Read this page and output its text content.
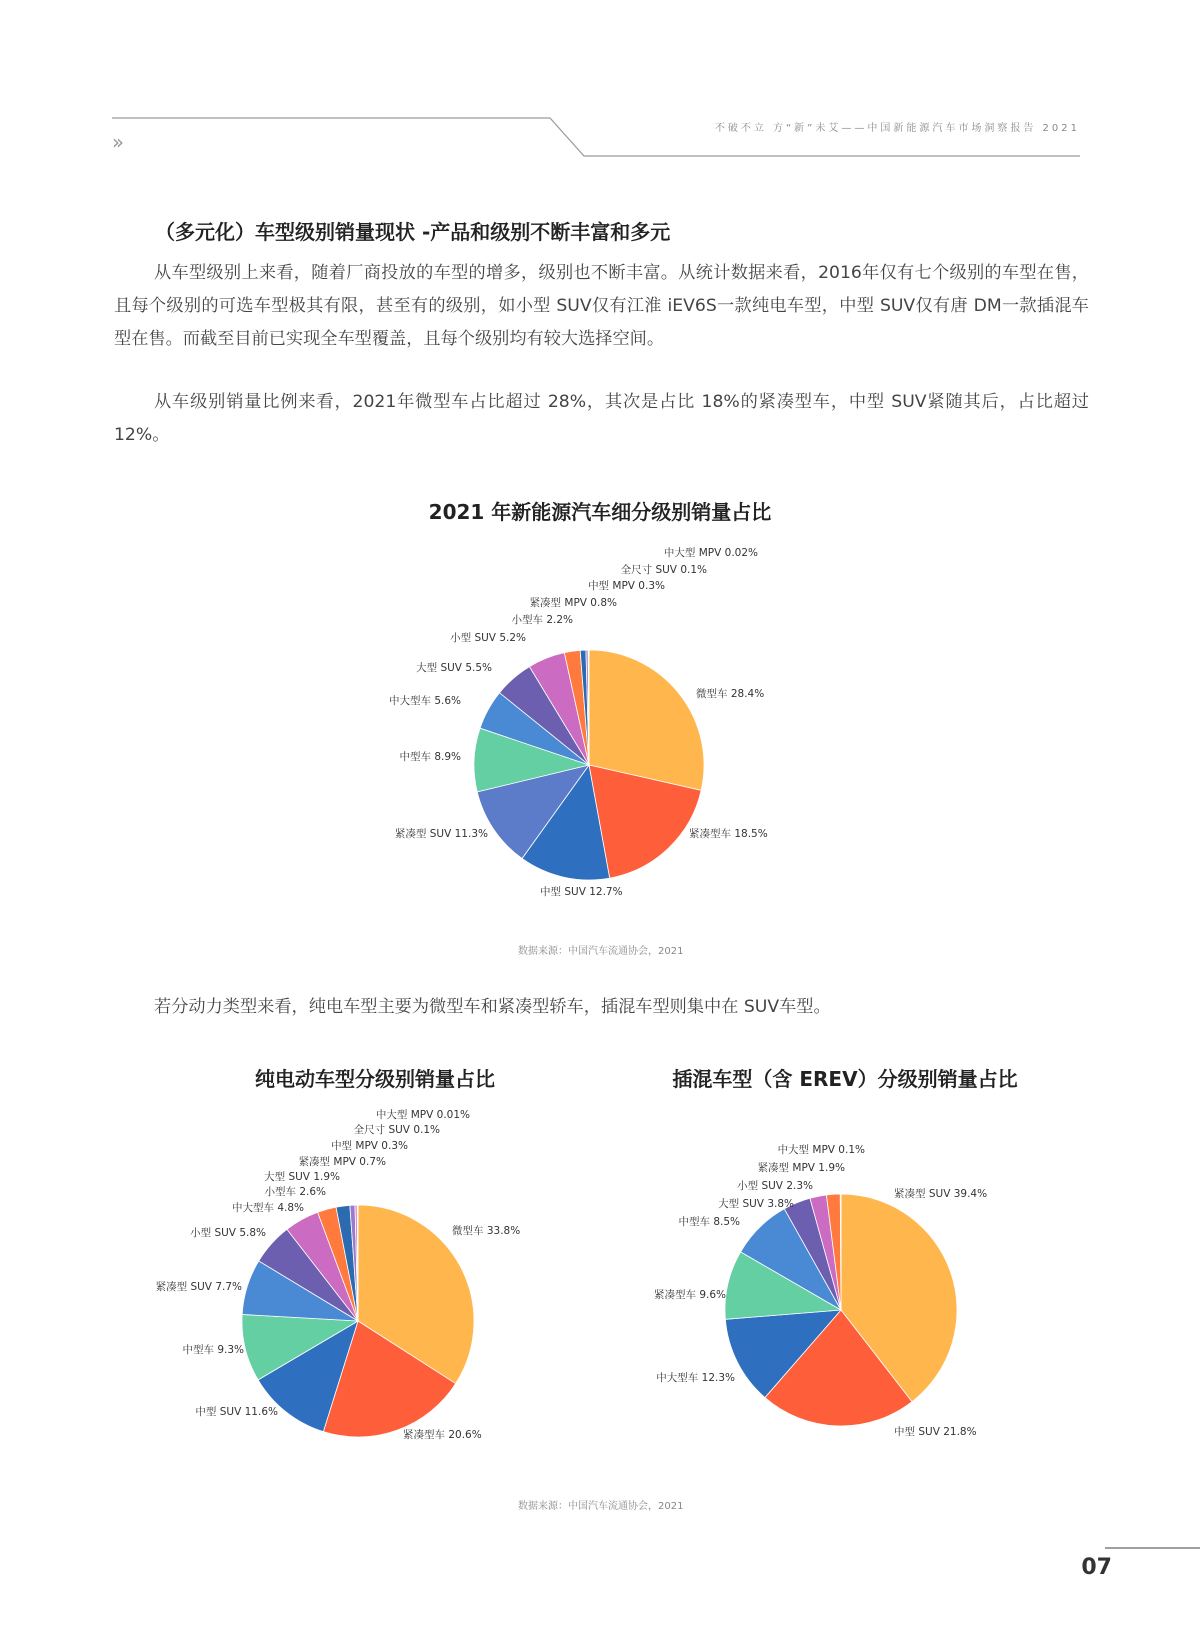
不破不立 方“新”未艾——中国新能源汽车市场洞察报告 2021
››
（多元化）车型级别销量现状 -产品和级别不断丰富和多元
从车型级别上来看，随着厂商投放的车型的增多，级别也不断丰富。从统计数据来看，2016年仅有七个级别的车型在售，且每个级别的可选车型极其有限，甚至有的级别，如小型 SUV仅有江淮 iEV6S一款纯电车型，中型 SUV仅有唐 DM一款插混车型在售。而截至目前已实现全车型覆盖，且每个级别均有较大选择空间。
从车级别销量比例来看，2021年微型车占比超过 28%，其次是占比 18%的紧凑型车，中型 SUV紧随其后，占比超过 12%。
2021 年新能源汽车细分级别销量占比
数据来源：中国汽车流通协会，2021
若分动力类型来看，纯电车型主要为微型车和紧凑型轿车，插混车型则集中在 SUV车型。
纯电动车型分级别销量占比	插混车型（含 EREV）分级别销量占比
数据来源：中国汽车流通协会，2021
微型车 28.4%
紧凑型车 18.5%
中型 SUV 12.7%
紧凑型 SUV 11.3%
中型车 8.9%
中大型车 5.6%
大型 SUV 5.5%
小型 SUV 5.2%
小型车 2.2%
紧凑型 MPV 0.8%
中型 MPV 0.3%
全尺寸 SUV 0.1%
中大型 MPV 0.02%
微型车 33.8%
紧凑型车 20.6%
中型 SUV 11.6%
中型车 9.3%
紧凑型 SUV 7.7%
小型 SUV 5.8%
中大型车 4.8%
小型车 2.6%
大型 SUV 1.9%
紧凑型 MPV 0.7%
中型 MPV 0.3%
全尺寸 SUV 0.1%
中大型 MPV 0.01%
紧凑型 SUV 39.4%
中型 SUV 21.8%
中大型车 12.3%
紧凑型车 9.6%
中型车 8.5%
大型 SUV 3.8%
小型 SUV 2.3%
紧凑型 MPV 1.9%
中大型 MPV 0.1%
07
